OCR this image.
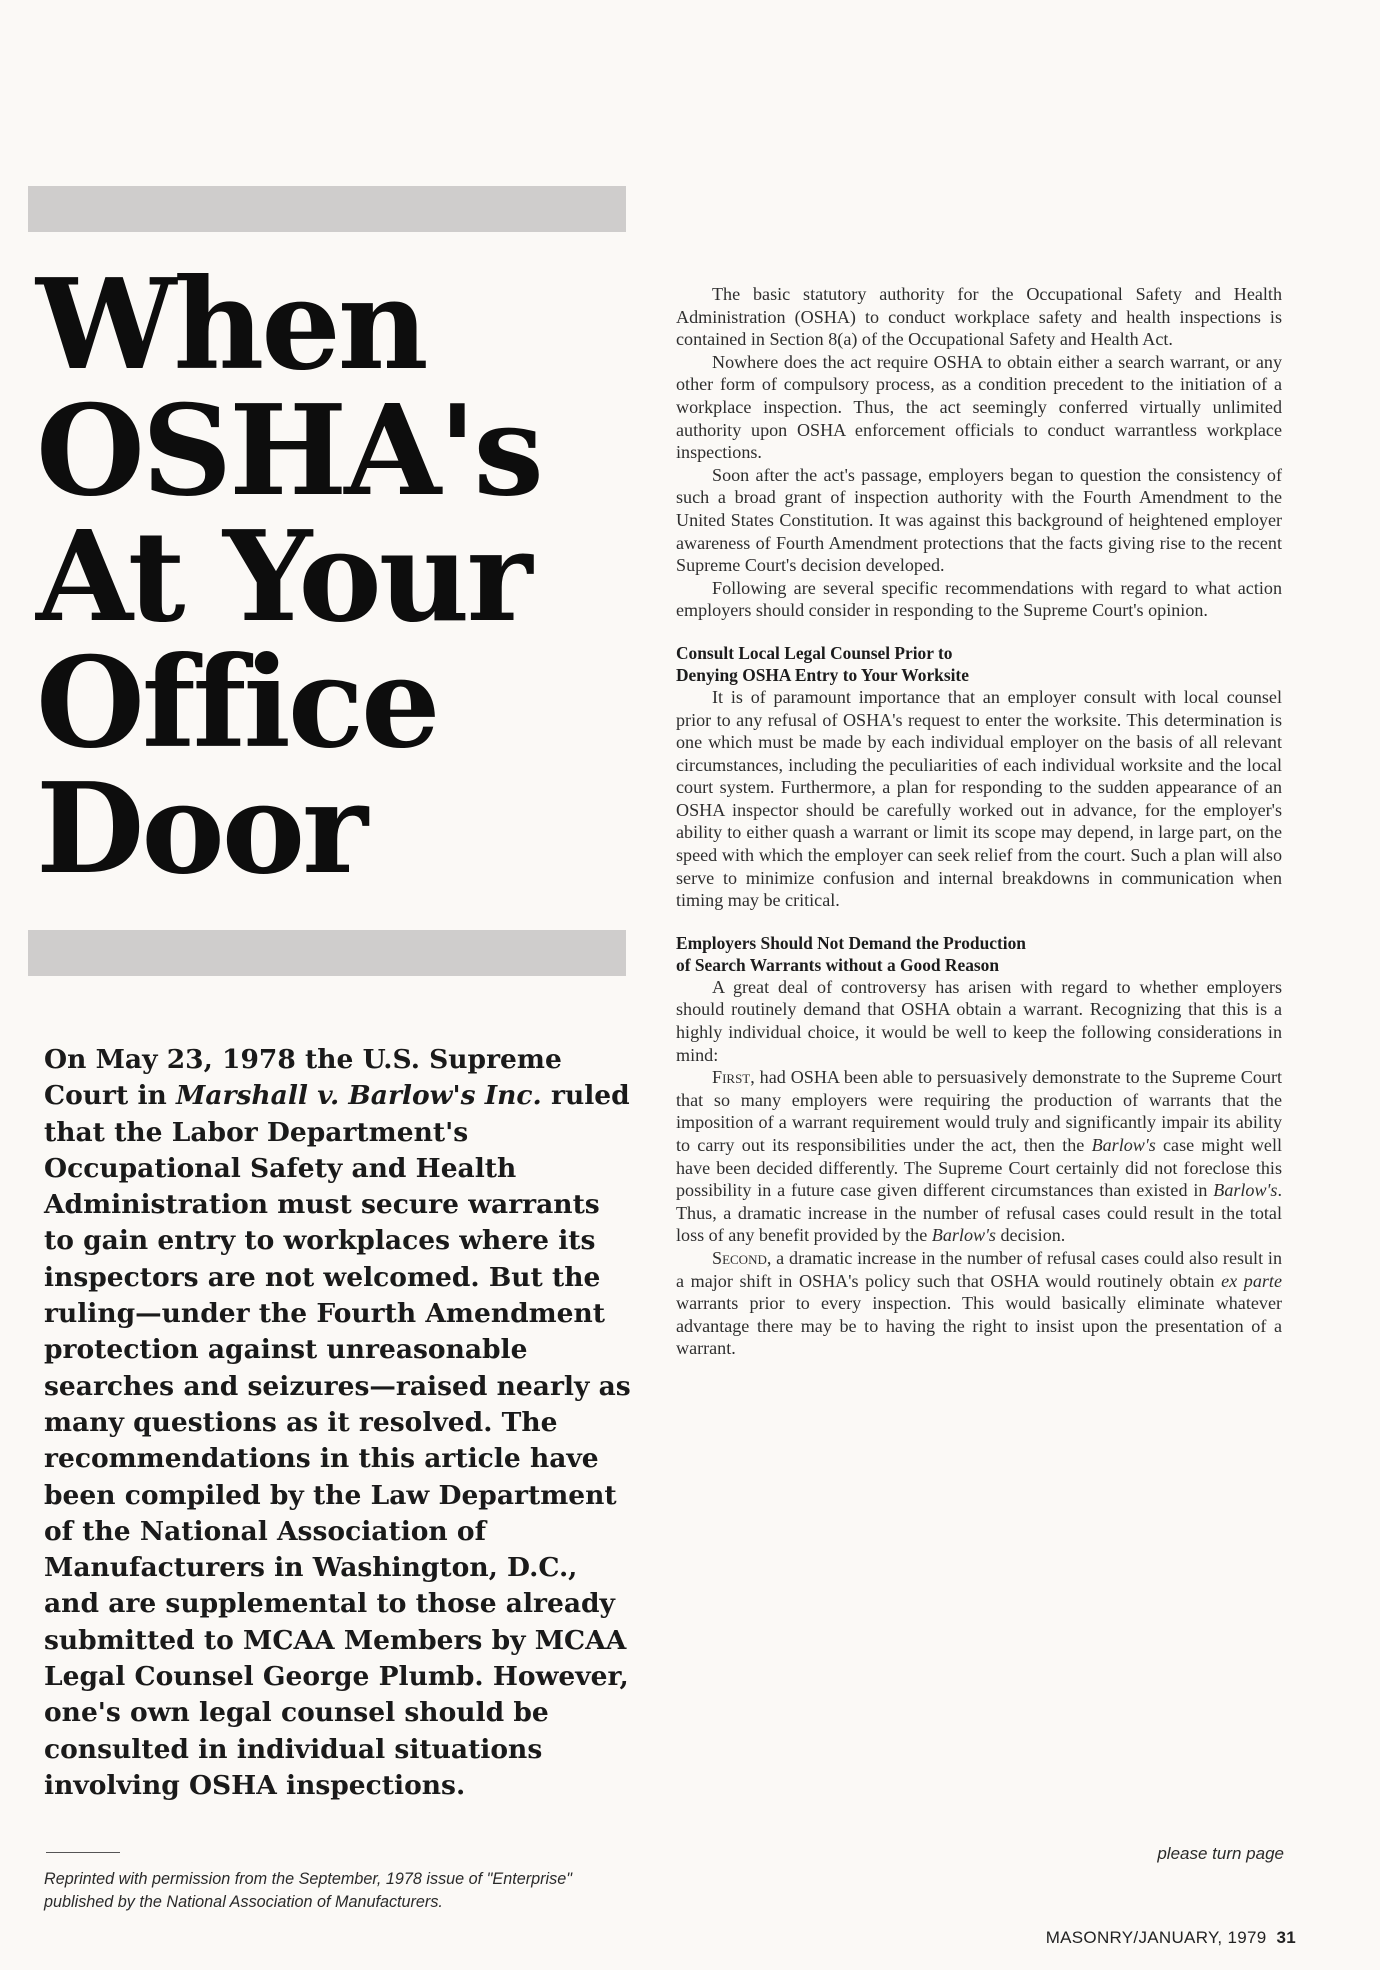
When
OSHA's
At Your
Office
Door

On May 23, 1978 the U.S. Supreme Court in Marshall v. Barlow's Inc. ruled that the Labor Department's Occupational Safety and Health Administration must secure warrants to gain entry to workplaces where its inspectors are not welcomed. But the ruling—under the Fourth Amendment protection against unreasonable searches and seizures—raised nearly as many questions as it resolved. The recommendations in this article have been compiled by the Law Department of the National Association of Manufacturers in Washington, D.C., and are supplemental to those already submitted to MCAA Members by MCAA Legal Counsel George Plumb. However, one's own legal counsel should be consulted in individual situations involving OSHA inspections.

Reprinted with permission from the September, 1978 issue of "Enterprise" published by the National Association of Manufacturers.

The basic statutory authority for the Occupational Safety and Health Administration (OSHA) to conduct workplace safety and health inspections is contained in Section 8(a) of the Occupational Safety and Health Act.

Nowhere does the act require OSHA to obtain either a search warrant, or any other form of compulsory process, as a condition precedent to the initiation of a workplace inspection. Thus, the act seemingly conferred virtually unlimited authority upon OSHA enforcement officials to conduct warrantless workplace inspections.

Soon after the act's passage, employers began to question the consistency of such a broad grant of inspection authority with the Fourth Amendment to the United States Constitution. It was against this background of heightened employer awareness of Fourth Amendment protections that the facts giving rise to the recent Supreme Court's decision developed.

Following are several specific recommendations with regard to what action employers should consider in responding to the Supreme Court's opinion.

Consult Local Legal Counsel Prior to
Denying OSHA Entry to Your Worksite

It is of paramount importance that an employer consult with local counsel prior to any refusal of OSHA's request to enter the worksite. This determination is one which must be made by each individual employer on the basis of all relevant circumstances, including the peculiarities of each individual worksite and the local court system. Furthermore, a plan for responding to the sudden appearance of an OSHA inspector should be carefully worked out in advance, for the employer's ability to either quash a warrant or limit its scope may depend, in large part, on the speed with which the employer can seek relief from the court. Such a plan will also serve to minimize confusion and internal breakdowns in communication when timing may be critical.

Employers Should Not Demand the Production
of Search Warrants without a Good Reason

A great deal of controversy has arisen with regard to whether employers should routinely demand that OSHA obtain a warrant. Recognizing that this is a highly individual choice, it would be well to keep the following considerations in mind:

First, had OSHA been able to persuasively demonstrate to the Supreme Court that so many employers were requiring the production of warrants that the imposition of a warrant requirement would truly and significantly impair its ability to carry out its responsibilities under the act, then the Barlow's case might well have been decided differently. The Supreme Court certainly did not foreclose this possibility in a future case given different circumstances than existed in Barlow's. Thus, a dramatic increase in the number of refusal cases could result in the total loss of any benefit provided by the Barlow's decision.

Second, a dramatic increase in the number of refusal cases could also result in a major shift in OSHA's policy such that OSHA would routinely obtain ex parte warrants prior to every inspection. This would basically eliminate whatever advantage there may be to having the right to insist upon the presentation of a warrant.

please turn page
MASONRY/JANUARY, 1979 31
